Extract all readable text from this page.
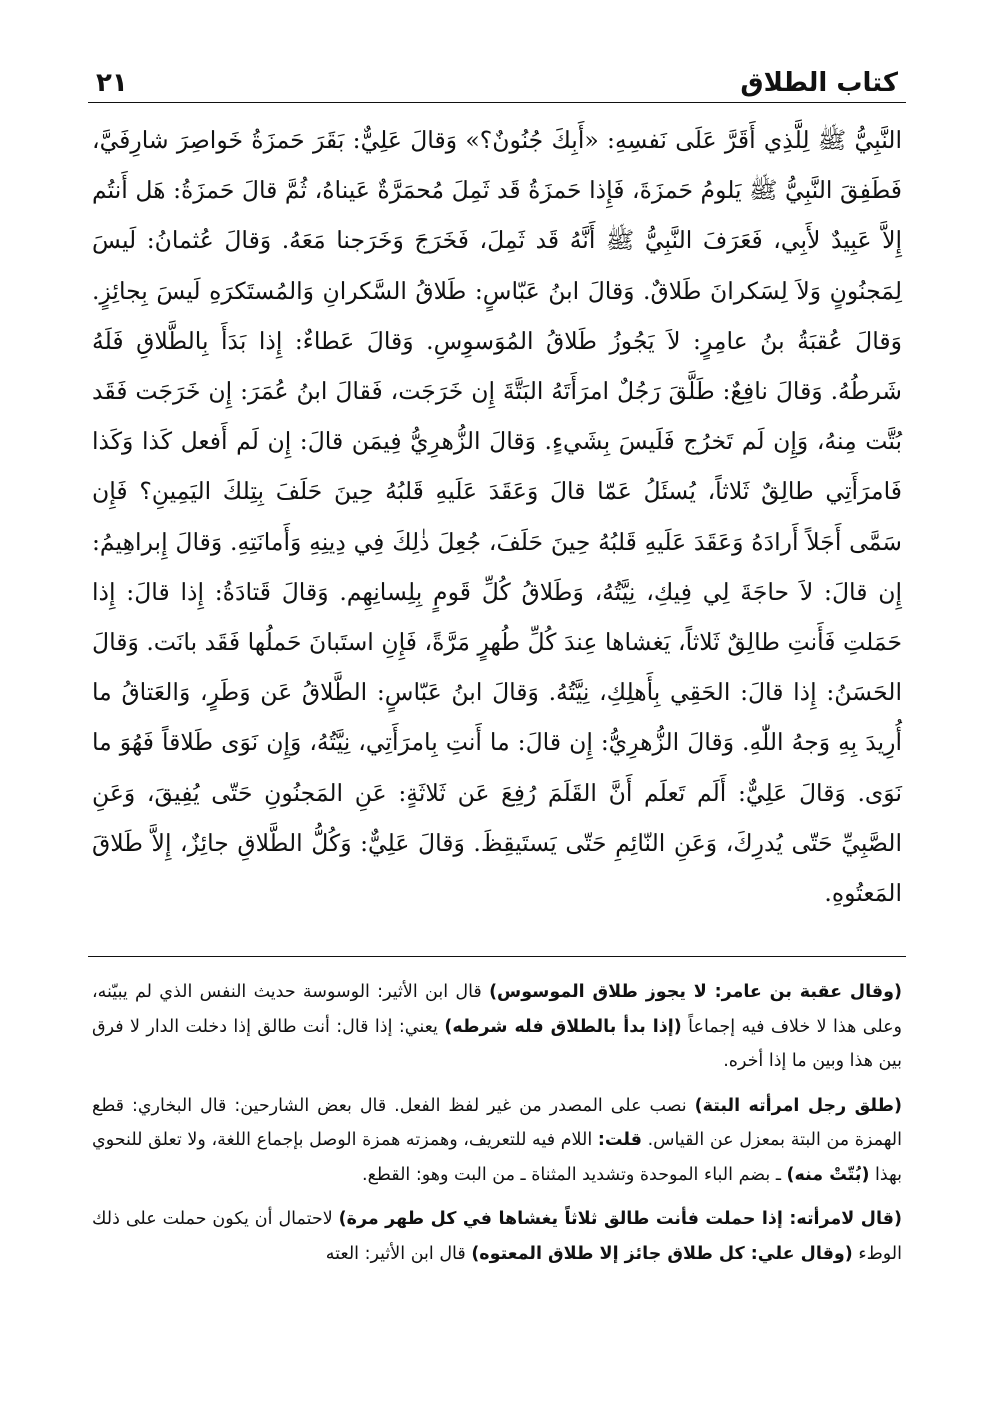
كتاب الطلاق
٢١
النَّبِيُّ ﷺ لِلَّذِي أَقَرَّ عَلَى نَفسِهِ: «أَبِكَ جُنُونٌ؟» وَقالَ عَلِيٌّ: بَقَرَ حَمزَةُ خَواصِرَ شارِفَيَّ، فَطَفِقَ النَّبِيُّ ﷺ يَلومُ حَمزَةَ، فَإِذا حَمزَةُ قَد ثَمِلَ مُحمَرَّةٌ عَيناهُ، ثُمَّ قالَ حَمزَةُ: هَل أَنتُم إِلاَّ عَبِيدٌ لأَبِي، فَعَرَفَ النَّبِيُّ ﷺ أَنَّهُ قَد ثَمِلَ، فَخَرَجَ وَخَرَجنا مَعَهُ. وَقالَ عُثمانُ: لَيسَ لِمَجنُونٍ وَلاَ لِسَكرانَ طَلاقٌ. وَقالَ ابنُ عَبّاسٍ: طَلاقُ السَّكرانِ وَالمُستَكرَهِ لَيسَ بِجائِزٍ. وَقالَ عُقبَةُ بنُ عامِرٍ: لاَ يَجُوزُ طَلاقُ المُوَسوِسِ. وَقالَ عَطاءٌ: إِذا بَدَأَ بِالطَّلاقِ فَلَهُ شَرطُهُ. وَقالَ نافِعٌ: طَلَّقَ رَجُلٌ امرَأَتَهُ البَتَّةَ إِن خَرَجَت، فَقالَ ابنُ عُمَرَ: إِن خَرَجَت فَقَد بُتَّت مِنهُ، وَإِن لَم تَخرُج فَلَيسَ بِشَيءٍ. وَقالَ الزُّهرِيُّ فِيمَن قالَ: إِن لَم أَفعل كَذا وَكَذا فَامرَأَتِي طالِقٌ ثَلاثاً، يُسئَلُ عَمّا قالَ وَعَقَدَ عَلَيهِ قَلبُهُ حِينَ حَلَفَ بِتِلكَ اليَمِينِ؟ فَإِن سَمَّى أَجَلاً أَرادَهُ وَعَقَدَ عَلَيهِ قَلبُهُ حِينَ حَلَفَ، جُعِلَ ذٰلِكَ فِي دِينِهِ وَأَمانَتِهِ. وَقالَ إِبراهِيمُ: إِن قالَ: لاَ حاجَةَ لِي فِيكِ، نِيَّتُهُ، وَطَلاقُ كُلِّ قَومٍ بِلِسانِهِم. وَقالَ قَتادَةُ: إِذا قالَ: إِذا حَمَلتِ فَأَنتِ طالِقٌ ثَلاثاً، يَغشاها عِندَ كُلِّ طُهرٍ مَرَّةً، فَإِنِ استَبانَ حَملُها فَقَد بانَت. وَقالَ الحَسَنُ: إِذا قالَ: الحَقِي بِأَهلِكِ، نِيَّتُهُ. وَقالَ ابنُ عَبّاسٍ: الطَّلاقُ عَن وَطَرٍ، وَالعَتاقُ ما أُرِيدَ بِهِ وَجهُ اللّٰهِ. وَقالَ الزُّهرِيُّ: إِن قالَ: ما أَنتِ بِامرَأَتِي، نِيَّتُهُ، وَإِن نَوَى طَلاقاً فَهُوَ ما نَوَى. وَقالَ عَلِيٌّ: أَلَم تَعلَم أَنَّ القَلَمَ رُفِعَ عَن ثَلاثَةٍ: عَنِ المَجنُونِ حَتّى يُفِيقَ، وَعَنِ الصَّبِيِّ حَتّى يُدرِكَ، وَعَنِ النّائِمِ حَتّى يَستَيقِظَ. وَقالَ عَلِيٌّ: وَكُلُّ الطَّلاقِ جائِزٌ، إِلاَّ طَلاقَ المَعتُوهِ.

(وقال عقبة بن عامر: لا يجوز طلاق الموسوس) قال ابن الأثير: الوسوسة حديث النفس الذي لم يبيّنه، وعلى هذا لا خلاف فيه إجماعاً (إذا بدأ بالطلاق فله شرطه) يعني: إذا قال: أنت طالق إذا دخلت الدار لا فرق بين هذا وبين ما إذا أخره.

(طلق رجل امرأته البتة) نصب على المصدر من غير لفظ الفعل. قال بعض الشارحين: قال البخاري: قطع الهمزة من البتة بمعزل عن القياس. قلت: اللام فيه للتعريف، وهمزته همزة الوصل بإجماع اللغة، ولا تعلق للنحوي بهذا (بُتّتْ منه) ـ بضم الباء الموحدة وتشديد المثناة ـ من البت وهو: القطع.

(قال لامرأته: إذا حملت فأنت طالق ثلاثاً يغشاها في كل طهر مرة) لاحتمال أن يكون حملت على ذلك الوطء (وقال علي: كل طلاق جائز إلا طلاق المعتوه) قال ابن الأثير: العته
